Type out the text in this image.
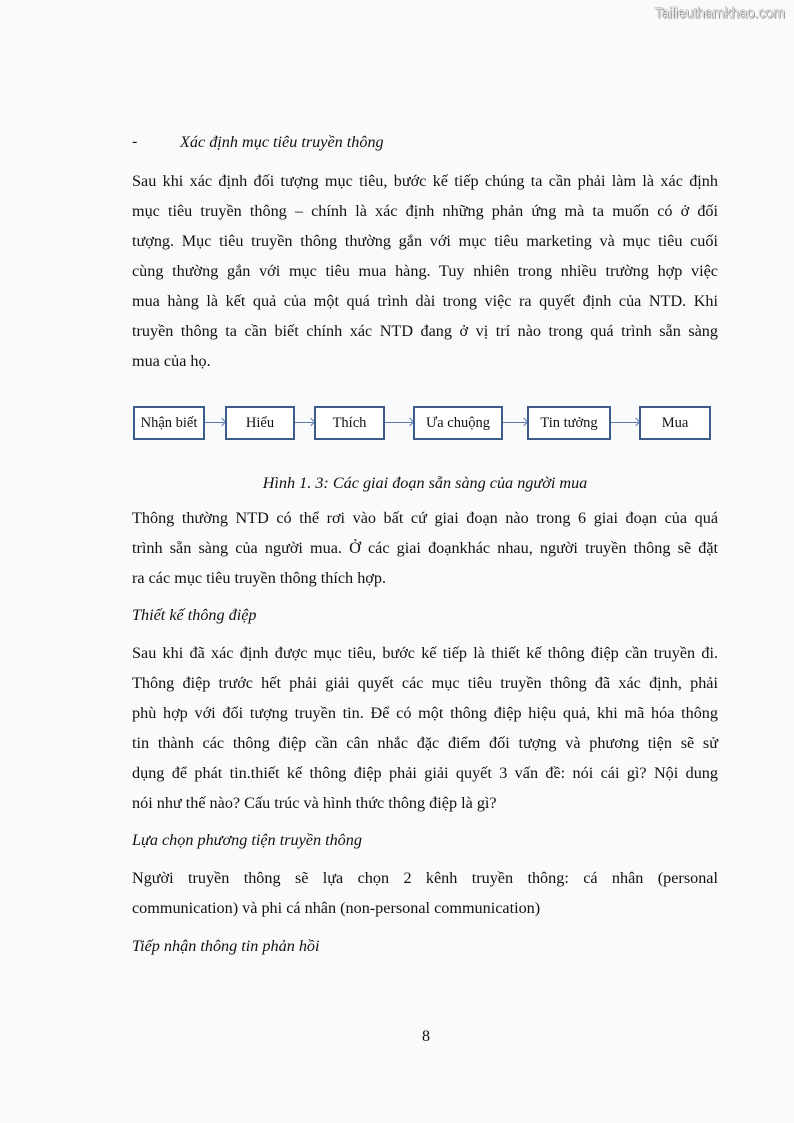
Tailieuthamkhao.com
-	Xác định mục tiêu truyền thông
Sau khi xác định đối tượng mục tiêu, bước kế tiếp chúng ta cần phải làm là xác định
mục tiêu truyền thông – chính là xác định những phản ứng mà ta muốn có ở đối
tượng. Mục tiêu truyền thông thường gắn với mục tiêu marketing và mục tiêu cuối
cùng thường gắn với mục tiêu mua hàng. Tuy nhiên trong nhiều trường hợp việc
mua hàng là kết quả của một quá trình dài trong việc ra quyết định của NTD. Khi
truyền thông ta cần biết chính xác NTD đang ở vị trí nào trong quá trình sẵn sàng
mua của họ.
Nhận biết	Hiểu	Thích	Ưa chuộng	Tin tưởng	Mua
Hình 1. 3: Các giai đoạn sẵn sàng của người mua
Thông thường NTD có thể rơi vào bất cứ giai đoạn nào trong 6 giai đoạn của quá
trình sẵn sàng của người mua. Ở các giai đoạnkhác nhau, người truyền thông sẽ đặt
ra các mục tiêu truyền thông thích hợp.
Thiết kế thông điệp
Sau khi đã xác định được mục tiêu, bước kế tiếp là thiết kế thông điệp cần truyền đi.
Thông điệp trước hết phải giải quyết các mục tiêu truyền thông đã xác định, phải
phù hợp với đối tượng truyền tin. Để có một thông điệp hiệu quả, khi mã hóa thông
tin thành các thông điệp cần cân nhắc đặc điểm đối tượng và phương tiện sẽ sử
dụng để phát tin.thiết kế thông điệp phải giải quyết 3 vấn đề: nói cái gì? Nội dung
nói như thế nào? Cấu trúc và hình thức thông điệp là gì?
Lựa chọn phương tiện truyền thông
Người truyền thông sẽ lựa chọn 2 kênh truyền thông: cá nhân (personal
communication) và phi cá nhân (non-personal communication)
Tiếp nhận thông tin phản hồi
8
